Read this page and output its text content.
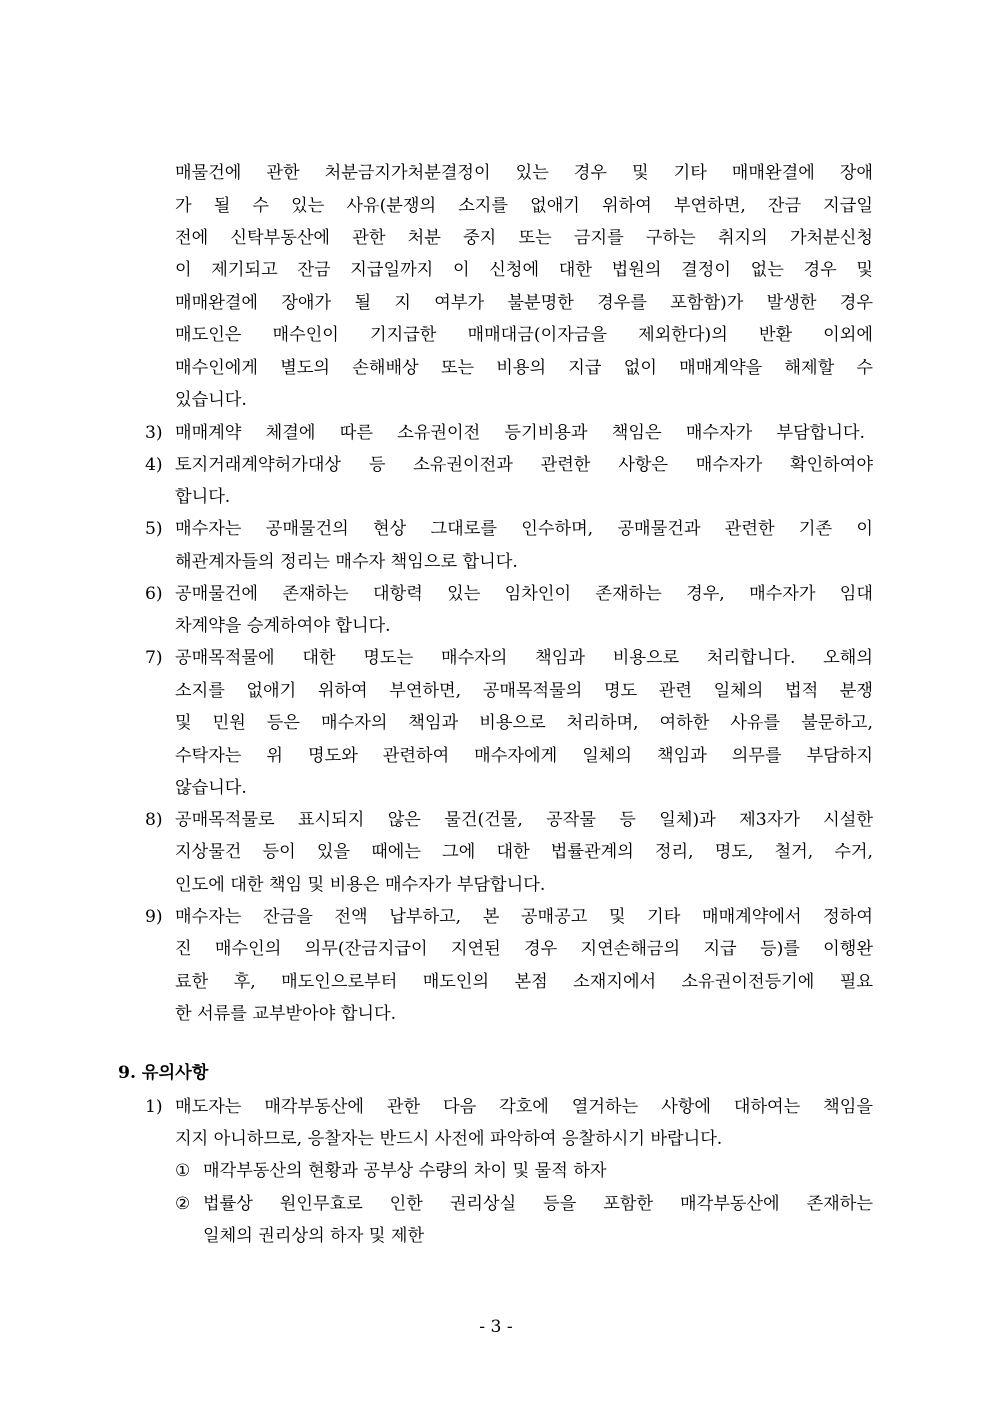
매물건에 관한 처분금지가처분결정이 있는 경우 및 기타 매매완결에 장애
가 될 수 있는 사유(분쟁의 소지를 없애기 위하여 부연하면, 잔금 지급일
전에 신탁부동산에 관한 처분 중지 또는 금지를 구하는 취지의 가처분신청
이 제기되고 잔금 지급일까지 이 신청에 대한 법원의 결정이 없는 경우 및
매매완결에 장애가 될 지 여부가 불분명한 경우를 포함함)가 발생한 경우
매도인은 매수인이 기지급한 매매대금(이자금을 제외한다)의 반환 이외에
매수인에게 별도의 손해배상 또는 비용의 지급 없이 매매계약을 해제할 수
있습니다.
3) 매매계약 체결에 따른 소유권이전 등기비용과 책임은 매수자가 부담합니다.
4) 토지거래계약허가대상 등 소유권이전과 관련한 사항은 매수자가 확인하여야
합니다.
5) 매수자는 공매물건의 현상 그대로를 인수하며, 공매물건과 관련한 기존 이
해관계자들의 정리는 매수자 책임으로 합니다.
6) 공매물건에 존재하는 대항력 있는 임차인이 존재하는 경우, 매수자가 임대
차계약을 승계하여야 합니다.
7) 공매목적물에 대한 명도는 매수자의 책임과 비용으로 처리합니다. 오해의
소지를 없애기 위하여 부연하면, 공매목적물의 명도 관련 일체의 법적 분쟁
및 민원 등은 매수자의 책임과 비용으로 처리하며, 여하한 사유를 불문하고,
수탁자는 위 명도와 관련하여 매수자에게 일체의 책임과 의무를 부담하지
않습니다.
8) 공매목적물로 표시되지 않은 물건(건물, 공작물 등 일체)과 제3자가 시설한
지상물건 등이 있을 때에는 그에 대한 법률관계의 정리, 명도, 철거, 수거,
인도에 대한 책임 및 비용은 매수자가 부담합니다.
9) 매수자는 잔금을 전액 납부하고, 본 공매공고 및 기타 매매계약에서 정하여
진 매수인의 의무(잔금지급이 지연된 경우 지연손해금의 지급 등)를 이행완
료한 후, 매도인으로부터 매도인의 본점 소재지에서 소유권이전등기에 필요
한 서류를 교부받아야 합니다.
9. 유의사항
1) 매도자는 매각부동산에 관한 다음 각호에 열거하는 사항에 대하여는 책임을
지지 아니하므로, 응찰자는 반드시 사전에 파악하여 응찰하시기 바랍니다.
① 매각부동산의 현황과 공부상 수량의 차이 및 물적 하자
② 법률상 원인무효로 인한 권리상실 등을 포함한 매각부동산에 존재하는
일체의 권리상의 하자 및 제한
- 3 -
